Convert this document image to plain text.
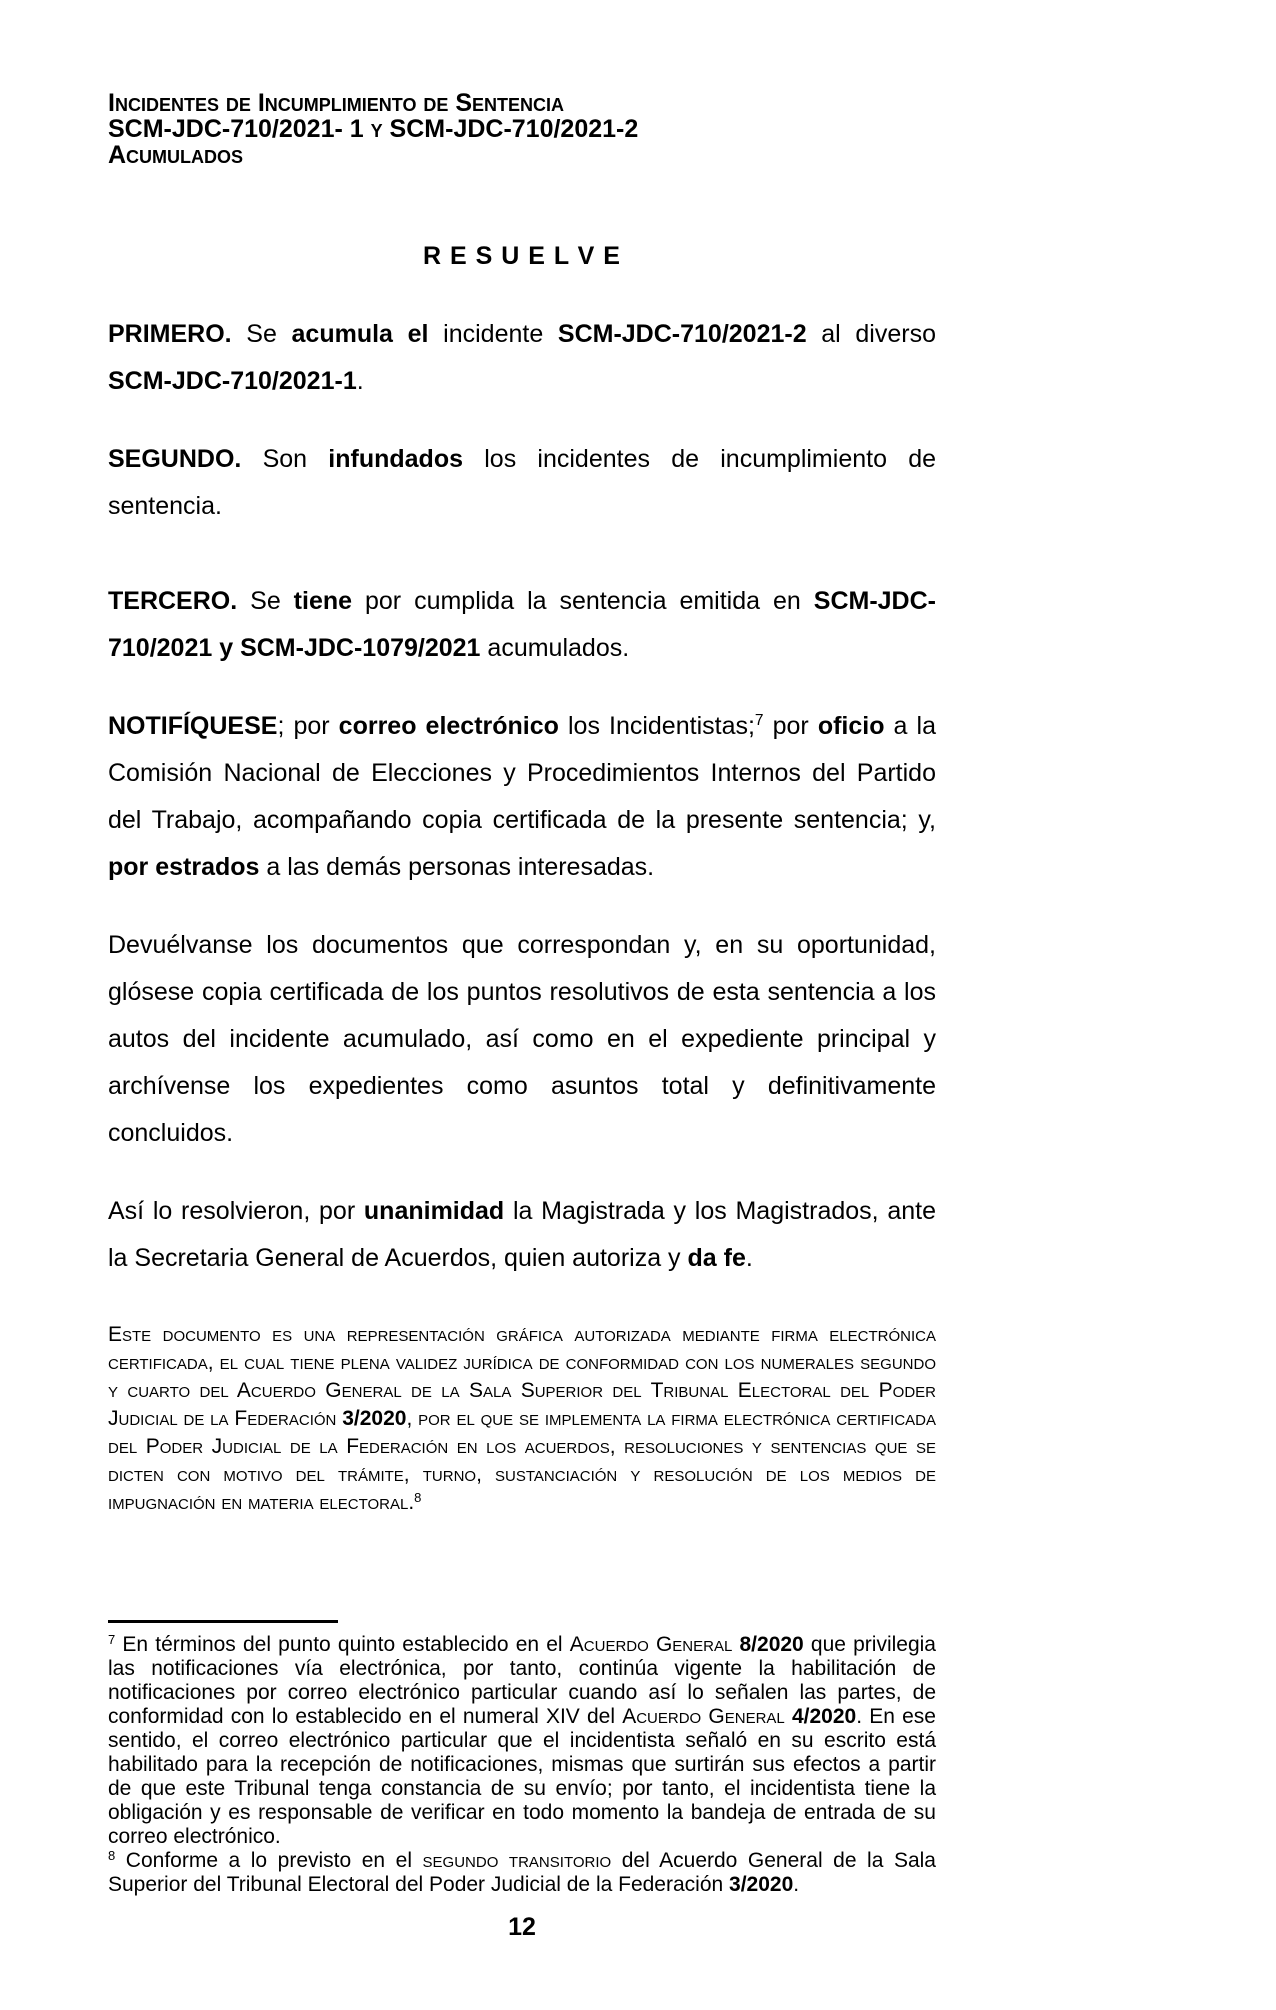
Incidentes de Incumplimiento de Sentencia
SCM-JDC-710/2021- 1 y SCM-JDC-710/2021-2
Acumulados
R E S U E L V E

PRIMERO. Se acumula el incidente SCM-JDC-710/2021-2 al diverso SCM-JDC-710/2021-1.

SEGUNDO. Son infundados los incidentes de incumplimiento de sentencia.

TERCERO. Se tiene por cumplida la sentencia emitida en SCM-JDC-710/2021 y SCM-JDC-1079/2021 acumulados.

NOTIFÍQUESE; por correo electrónico los Incidentistas;$^7$ por oficio a la Comisión Nacional de Elecciones y Procedimientos Internos del Partido del Trabajo, acompañando copia certificada de la presente sentencia; y, por estrados a las demás personas interesadas.

Devuélvanse los documentos que correspondan y, en su oportunidad, glósese copia certificada de los puntos resolutivos de esta sentencia a los autos del incidente acumulado, así como en el expediente principal y archívense los expedientes como asuntos total y definitivamente concluidos.

Así lo resolvieron, por unanimidad la Magistrada y los Magistrados, ante la Secretaria General de Acuerdos, quien autoriza y da fe.

Este documento es una representación gráfica autorizada mediante firma electrónica certificada, el cual tiene plena validez jurídica de conformidad con los numerales segundo y cuarto del Acuerdo General de la Sala Superior del Tribunal Electoral del Poder Judicial de la Federación 3/2020, por el que se implementa la firma electrónica certificada del Poder Judicial de la Federación en los acuerdos, resoluciones y sentencias que se dicten con motivo del trámite, turno, sustanciación y resolución de los medios de impugnación en materia electoral.$^8$

$^7$ En términos del punto quinto establecido en el Acuerdo General 8/2020 que privilegia las notificaciones vía electrónica, por tanto, continúa vigente la habilitación de notificaciones por correo electrónico particular cuando así lo señalen las partes, de conformidad con lo establecido en el numeral XIV del Acuerdo General 4/2020. En ese sentido, el correo electrónico particular que el incidentista señaló en su escrito está habilitado para la recepción de notificaciones, mismas que surtirán sus efectos a partir de que este Tribunal tenga constancia de su envío; por tanto, el incidentista tiene la obligación y es responsable de verificar en todo momento la bandeja de entrada de su correo electrónico.

$^8$ Conforme a lo previsto en el segundo transitorio del Acuerdo General de la Sala Superior del Tribunal Electoral del Poder Judicial de la Federación 3/2020.

12
